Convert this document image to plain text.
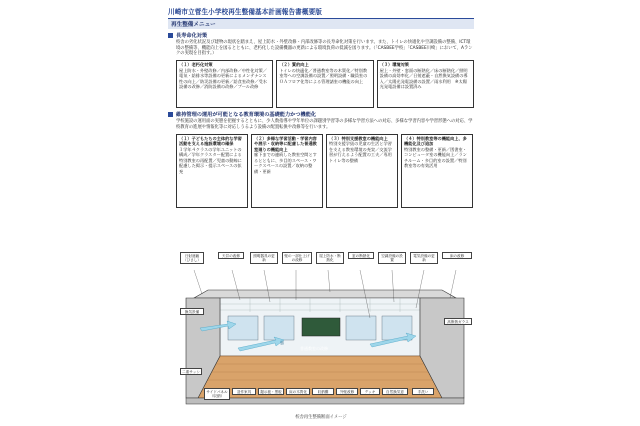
川崎市立菅生小学校再生整備基本計画報告書概要版
再生整備メニュー
長寿命化対策
校舎の劣化状況及び建物の現状を踏まえ、屋上防水・外壁改修・内部改修等の長寿命化対策を行います。また、トイレの快適化や空調設備の整備、ICT環境の整備等、機能向上を図るとともに、老朽化した設備機器の更新による環境負荷の低減を図ります。（「CASBEE学校」「CASBEE川崎」において、Aランクの実現を目指す。）
（１）老朽化対策
屋上防水・外壁改修／内部改修／中性化対策／電気・給排水等設備の更新によるメンテナンス性の向上／防災設備の更新／給食室改修／受水設備の改修／消防設備の改修／プール改修
（２）質的向上
トイレの快適化／普通教室等の木質化／特別教室等への空調設備の設置／照明設備・職員室のＯＡフロア化等による管理諸室の機能の向上
（３）環境対策
屋上・外壁・窓面の断熱化／床の断熱化／照明設備の高効率化／日射遮蔽・自然換気設備の導入／太陽光発電設備の設置／雨水利用　※太陽光発電設備は設置済み
維持管理の運用が可能となる教育環境の基礎能力かつ機能化
学校施設の運用面の実態を把握するとともに、少人数指導や学年単位の課題別学習等の多様な学習方法への対応、多様な学習内容や学習形態への対応、学校教育の進展や情報化等に対応しうるよう設備の配置転換や改修等を行います。
（１）子どもたちの主体的な学習活動を支える施設環境の確保
１学年４クラスの学年ユニットの構成／学年クラスター配置による特別教室の再配置／児童の動線に配慮した掲示・提示スペースの拡充
（２）多様な学習活動・学習内容や展示・収納等に配慮した普通教室廻りの機能向上
廊下までの連続した教室空間とするとともに、多目的スペース・ワークスペースの設置／収納の整備・更新
（３）特別支援教室の機能向上
特別支援学級の児童の生活と学習を支える教室環境の充実／交流学習が行えるよう配置の工夫／専用トイレ等の整備
（４）特別教室等の機能向上、多機能化及び追加
特別教室の整備・更新／図書室・コンピュータ室の機能向上／ランチルーム・多目的室の設置／特別教室等の有効活用
普通教室の改修
風
日射遮蔽（ひさし）
天井の改修	照明器具の更新
壁の一部仕上げの改修
屋上防水・断熱化
窓の断熱化	空調設備の設置
電気設備の更新
床の改修
換気設備
高断熱ガラス
二重サッシ
サイドパネル（収納）
造作家具	掲示板・黒板	床の木質化	収納棚	外壁改修	デッキ	自然換気窓	手洗い
校舎再生整備断面イメージ
